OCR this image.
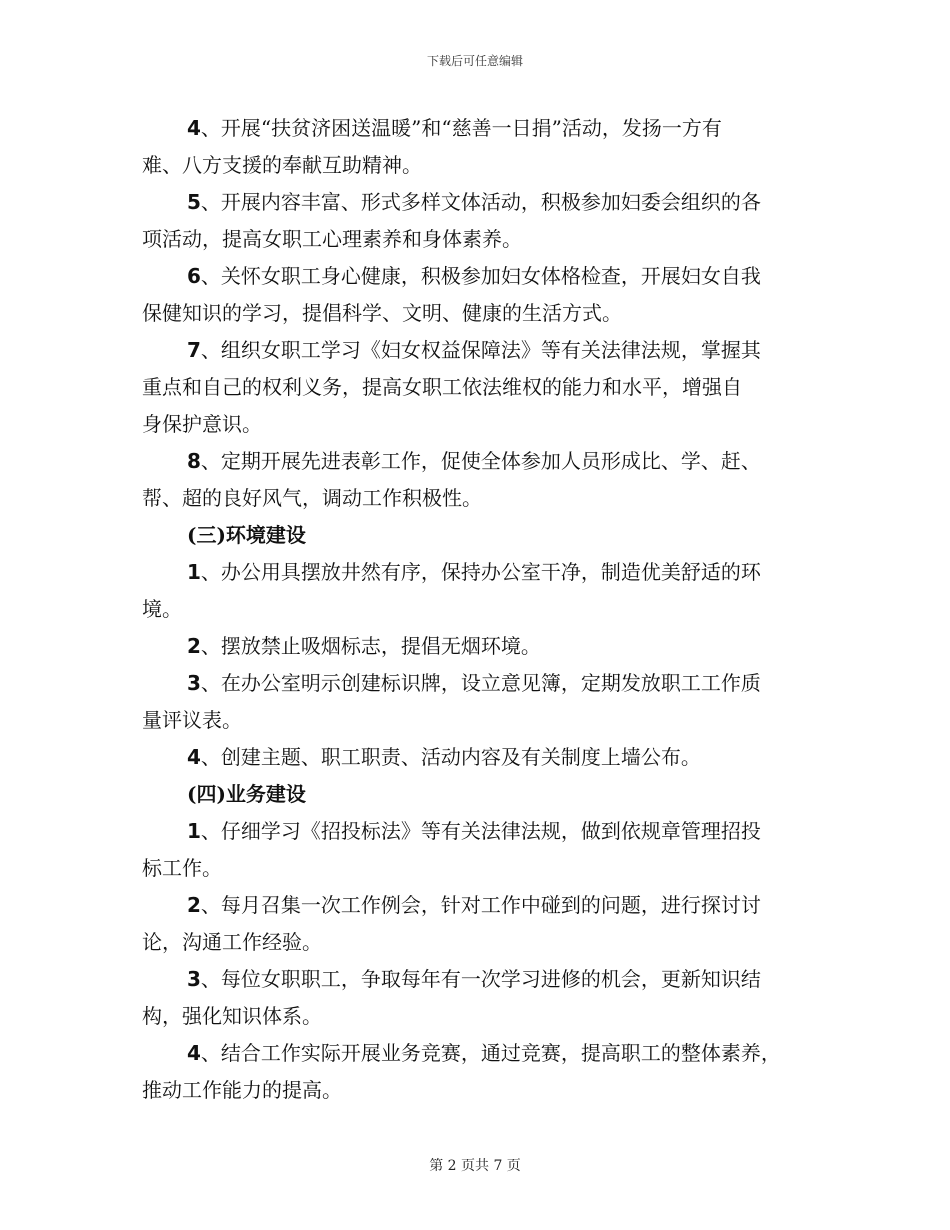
下载后可任意编辑
4、开展“扶贫济困送温暖”和“慈善一日捐”活动，发扬一方有
难、八方支援的奉献互助精神。
5、开展内容丰富、形式多样文体活动，积极参加妇委会组织的各
项活动，提高女职工心理素养和身体素养。
6、关怀女职工身心健康，积极参加妇女体格检查，开展妇女自我
保健知识的学习，提倡科学、文明、健康的生活方式。
7、组织女职工学习《妇女权益保障法》等有关法律法规，掌握其
重点和自己的权利义务，提高女职工依法维权的能力和水平，增强自
身保护意识。
8、定期开展先进表彰工作，促使全体参加人员形成比、学、赶、
帮、超的良好风气，调动工作积极性。
(三)环境建设
1、办公用具摆放井然有序，保持办公室干净，制造优美舒适的环
境。
2、摆放禁止吸烟标志，提倡无烟环境。
3、在办公室明示创建标识牌，设立意见簿，定期发放职工工作质
量评议表。
4、创建主题、职工职责、活动内容及有关制度上墙公布。
(四)业务建设
1、仔细学习《招投标法》等有关法律法规，做到依规章管理招投
标工作。
2、每月召集一次工作例会，针对工作中碰到的问题，进行探讨讨
论，沟通工作经验。
3、每位女职职工，争取每年有一次学习进修的机会，更新知识结
构，强化知识体系。
4、结合工作实际开展业务竞赛，通过竞赛，提高职工的整体素养，
推动工作能力的提高。
第 2 页共 7 页
